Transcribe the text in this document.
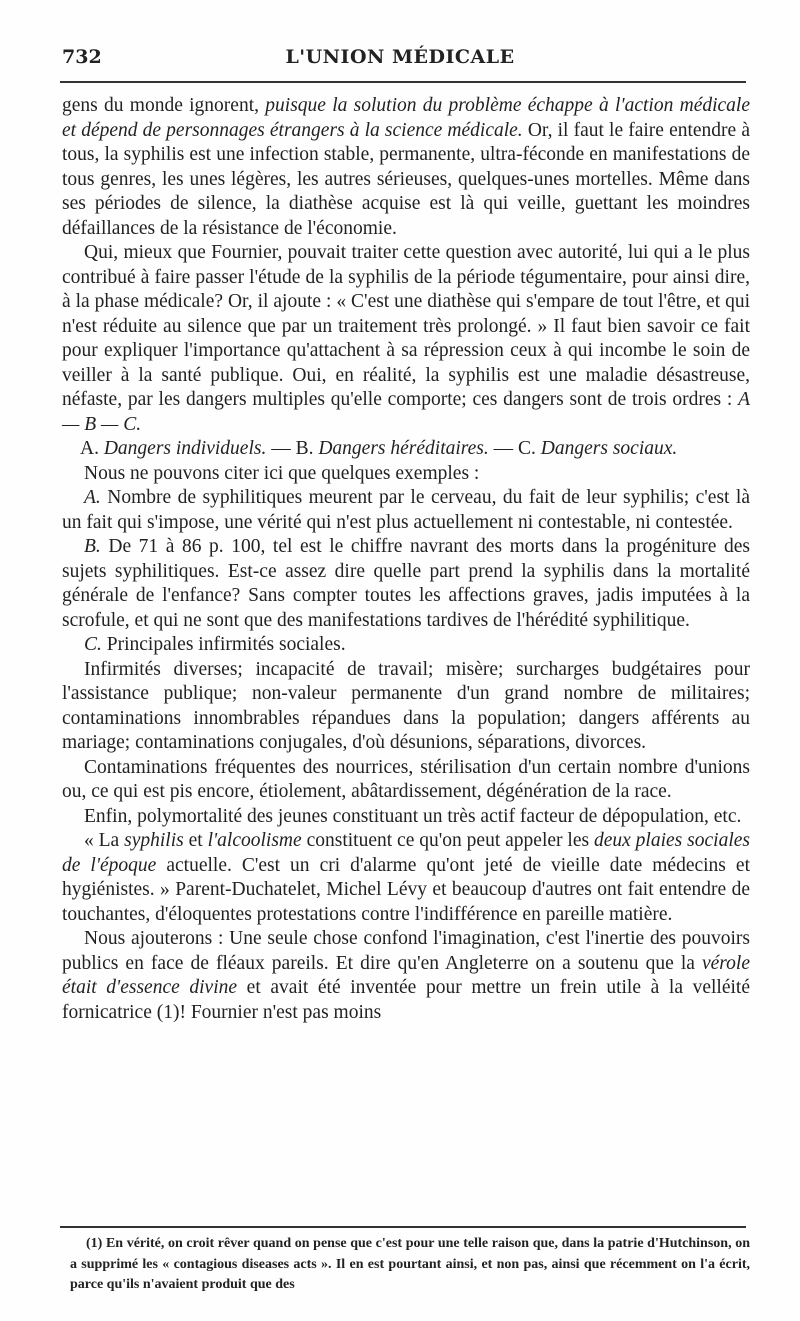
732	L'UNION MÉDICALE

gens du monde ignorent, puisque la solution du problème échappe à l'action médicale et dépend de personnages étrangers à la science médicale. Or, il faut le faire entendre à tous, la syphilis est une infection stable, permanente, ultra-féconde en manifestations de tous genres, les unes légères, les autres sérieuses, quelques-unes mortelles. Même dans ses périodes de silence, la diathèse acquise est là qui veille, guettant les moindres défaillances de la résistance de l'économie.

Qui, mieux que Fournier, pouvait traiter cette question avec autorité, lui qui a le plus contribué à faire passer l'étude de la syphilis de la période tégumentaire, pour ainsi dire, à la phase médicale? Or, il ajoute : « C'est une diathèse qui s'empare de tout l'être, et qui n'est réduite au silence que par un traitement très prolongé. » Il faut bien savoir ce fait pour expliquer l'importance qu'attachent à sa répression ceux à qui incombe le soin de veiller à la santé publique. Oui, en réalité, la syphilis est une maladie désastreuse, néfaste, par les dangers multiples qu'elle comporte; ces dangers sont de trois ordres : A — B — C.

A. Dangers individuels. — B. Dangers héréditaires. — C. Dangers sociaux.

Nous ne pouvons citer ici que quelques exemples :

A. Nombre de syphilitiques meurent par le cerveau, du fait de leur syphilis; c'est là un fait qui s'impose, une vérité qui n'est plus actuellement ni contestable, ni contestée.

B. De 71 à 86 p. 100, tel est le chiffre navrant des morts dans la progéniture des sujets syphilitiques. Est-ce assez dire quelle part prend la syphilis dans la mortalité générale de l'enfance? Sans compter toutes les affections graves, jadis imputées à la scrofule, et qui ne sont que des manifestations tardives de l'hérédité syphilitique.

C. Principales infirmités sociales.

Infirmités diverses; incapacité de travail; misère; surcharges budgétaires pour l'assistance publique; non-valeur permanente d'un grand nombre de militaires; contaminations innombrables répandues dans la population; dangers afférents au mariage; contaminations conjugales, d'où désunions, séparations, divorces.

Contaminations fréquentes des nourrices, stérilisation d'un certain nombre d'unions ou, ce qui est pis encore, étiolement, abâtardissement, dégénération de la race.

Enfin, polymortalité des jeunes constituant un très actif facteur de dépopulation, etc.

« La syphilis et l'alcoolisme constituent ce qu'on peut appeler les deux plaies sociales de l'époque actuelle. C'est un cri d'alarme qu'ont jeté de vieille date médecins et hygiénistes. » Parent-Duchatelet, Michel Lévy et beaucoup d'autres ont fait entendre de touchantes, d'éloquentes protestations contre l'indifférence en pareille matière.

Nous ajouterons : Une seule chose confond l'imagination, c'est l'inertie des pouvoirs publics en face de fléaux pareils. Et dire qu'en Angleterre on a soutenu que la vérole était d'essence divine et avait été inventée pour mettre un frein utile à la velléité fornicatrice (1)! Fournier n'est pas moins

(1) En vérité, on croit rêver quand on pense que c'est pour une telle raison que, dans la patrie d'Hutchinson, on a supprimé les « contagious diseases acts ». Il en est pourtant ainsi, et non pas, ainsi que récemment on l'a écrit, parce qu'ils n'avaient produit que des
